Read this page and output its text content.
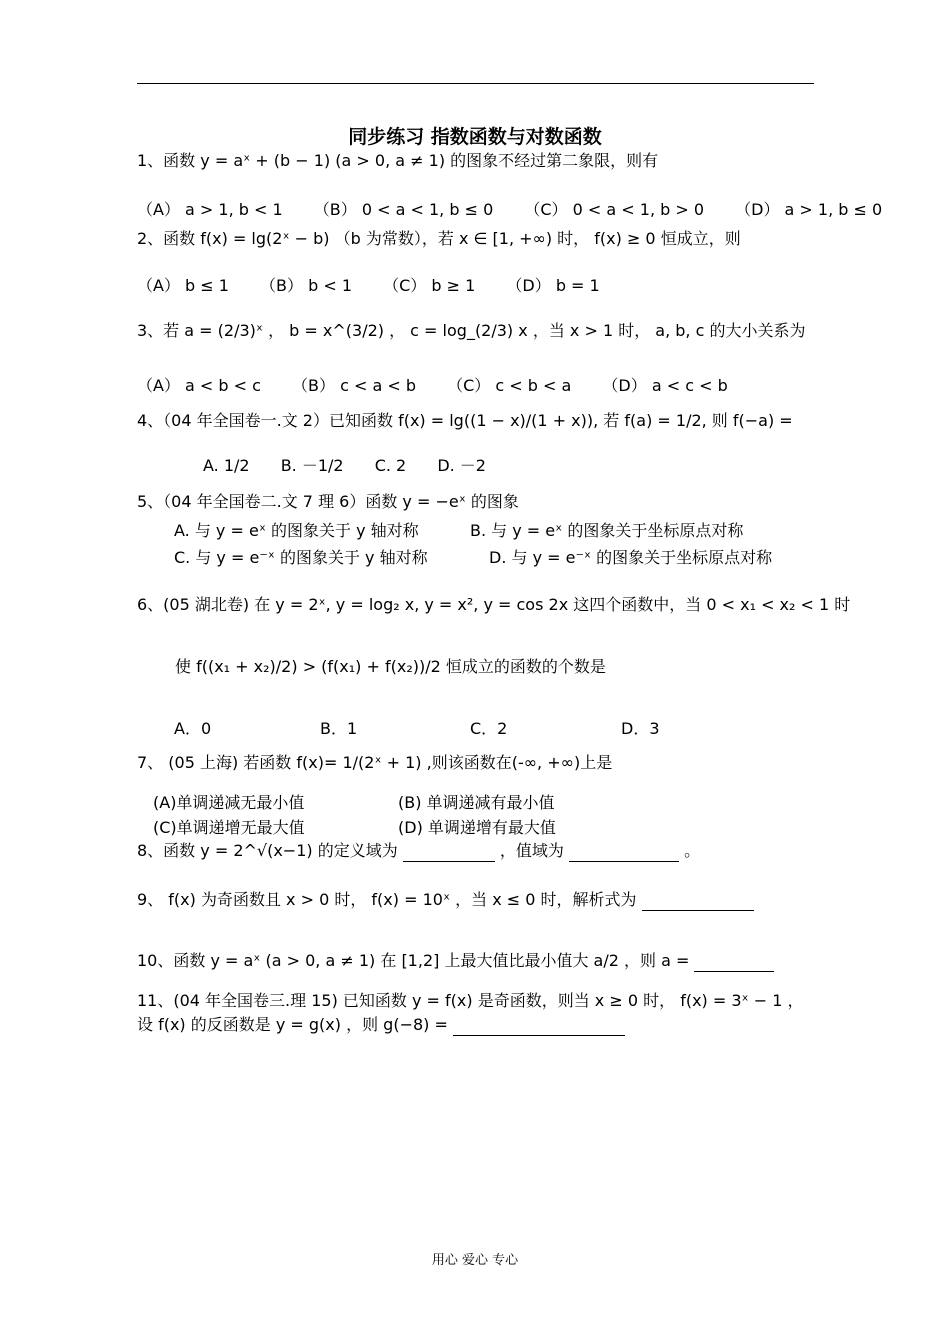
同步练习 指数函数与对数函数
1、函数 y = aˣ + (b − 1) (a > 0, a ≠ 1) 的图象不经过第二象限，则有
（A） a > 1, b < 1 （B） 0 < a < 1, b ≤ 0 （C） 0 < a < 1, b > 0 （D） a > 1, b ≤ 0
2、函数 f(x) = lg(2ˣ − b) （b 为常数），若 x ∈ [1, +∞) 时， f(x) ≥ 0 恒成立，则
（A） b ≤ 1 （B） b < 1 （C） b ≥ 1 （D） b = 1
3、若 a = (2/3)ˣ ， b = x^(3/2) ， c = log_(2/3) x ，当 x > 1 时， a, b, c 的大小关系为
（A） a < b < c （B） c < a < b （C） c < b < a （D） a < c < b
4、（04 年全国卷一.文 2）已知函数 f(x) = lg((1 − x)/(1 + x)), 若 f(a) = 1/2, 则 f(−a) =
A. 1/2 B. －1/2 C. 2 D. －2
5、（04 年全国卷二.文 7 理 6）函数 y = −eˣ 的图象
A. 与 y = eˣ 的图象关于 y 轴对称	B. 与 y = eˣ 的图象关于坐标原点对称
C. 与 y = e⁻ˣ 的图象关于 y 轴对称	D. 与 y = e⁻ˣ 的图象关于坐标原点对称
6、(05 湖北卷) 在 y = 2ˣ, y = log₂ x, y = x², y = cos 2x 这四个函数中，当 0 < x₁ < x₂ < 1 时
使 f((x₁ + x₂)/2) > (f(x₁) + f(x₂))/2 恒成立的函数的个数是
A．0	B．1	C．2	D．3
7、 (05 上海) 若函数 f(x)= 1/(2ˣ + 1) ,则该函数在(-∞, +∞)上是
(A)单调递减无最小值	(B) 单调递减有最小值
(C)单调递增无最大值	(D) 单调递增有最大值
8、函数 y = 2^√(x−1) 的定义域为	，值域为	。
9、 f(x) 为奇函数且 x > 0 时， f(x) = 10ˣ ，当 x ≤ 0 时，解析式为
10、函数 y = aˣ (a > 0, a ≠ 1) 在 [1,2] 上最大值比最小值大 a/2 ，则 a =
11、(04 年全国卷三.理 15) 已知函数 y = f(x) 是奇函数，则当 x ≥ 0 时， f(x) = 3ˣ − 1 ，
设 f(x) 的反函数是 y = g(x) ，则 g(−8) =
用心 爱心 专心
